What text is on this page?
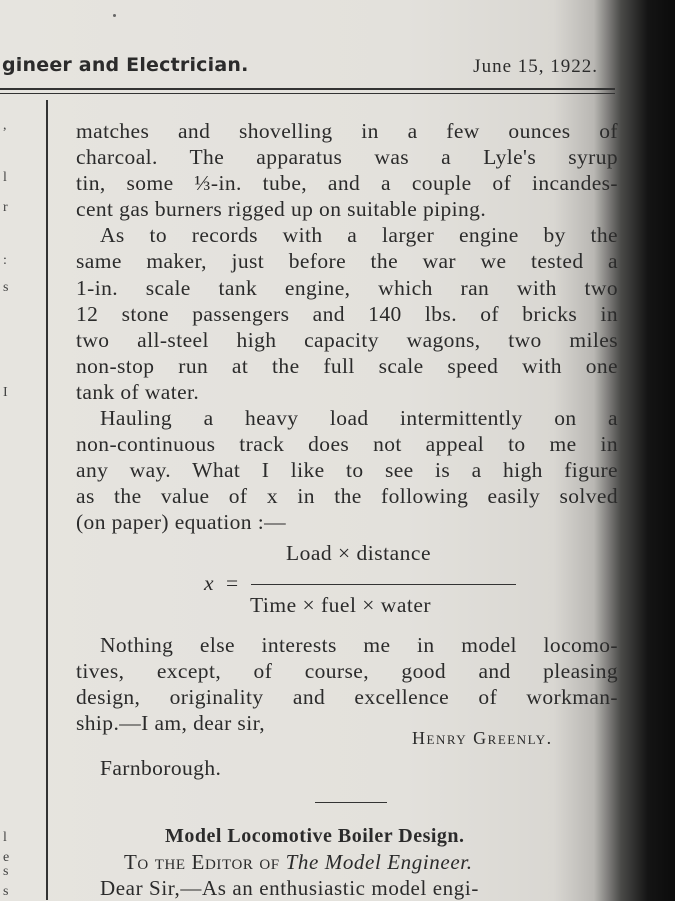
gineer and Electrician.	June 15, 1922.
,
l
r
:
s
I
l
e
s
s
matches and shovelling in a few ounces of
charcoal. The apparatus was a Lyle's syrup
tin, some ⅓-in. tube, and a couple of incandes-
cent gas burners rigged up on suitable piping.
As to records with a larger engine by the
same maker, just before the war we tested a
1-in. scale tank engine, which ran with two
12 stone passengers and 140 lbs. of bricks in
two all-steel high capacity wagons, two miles
non-stop run at the full scale speed with one
tank of water.
Hauling a heavy load intermittently on a
non-continuous track does not appeal to me in
any way. What I like to see is a high figure
as the value of x in the following easily solved
(on paper) equation :—
x =
Load × distance
Time × fuel × water
Nothing else interests me in model locomo-
tives, except, of course, good and pleasing
design, originality and excellence of workman-
ship.—I am, dear sir,
Henry Greenly.
Farnborough.
Model Locomotive Boiler Design.
To the Editor of The Model Engineer.
Dear Sir,—As an enthusiastic model engi-
